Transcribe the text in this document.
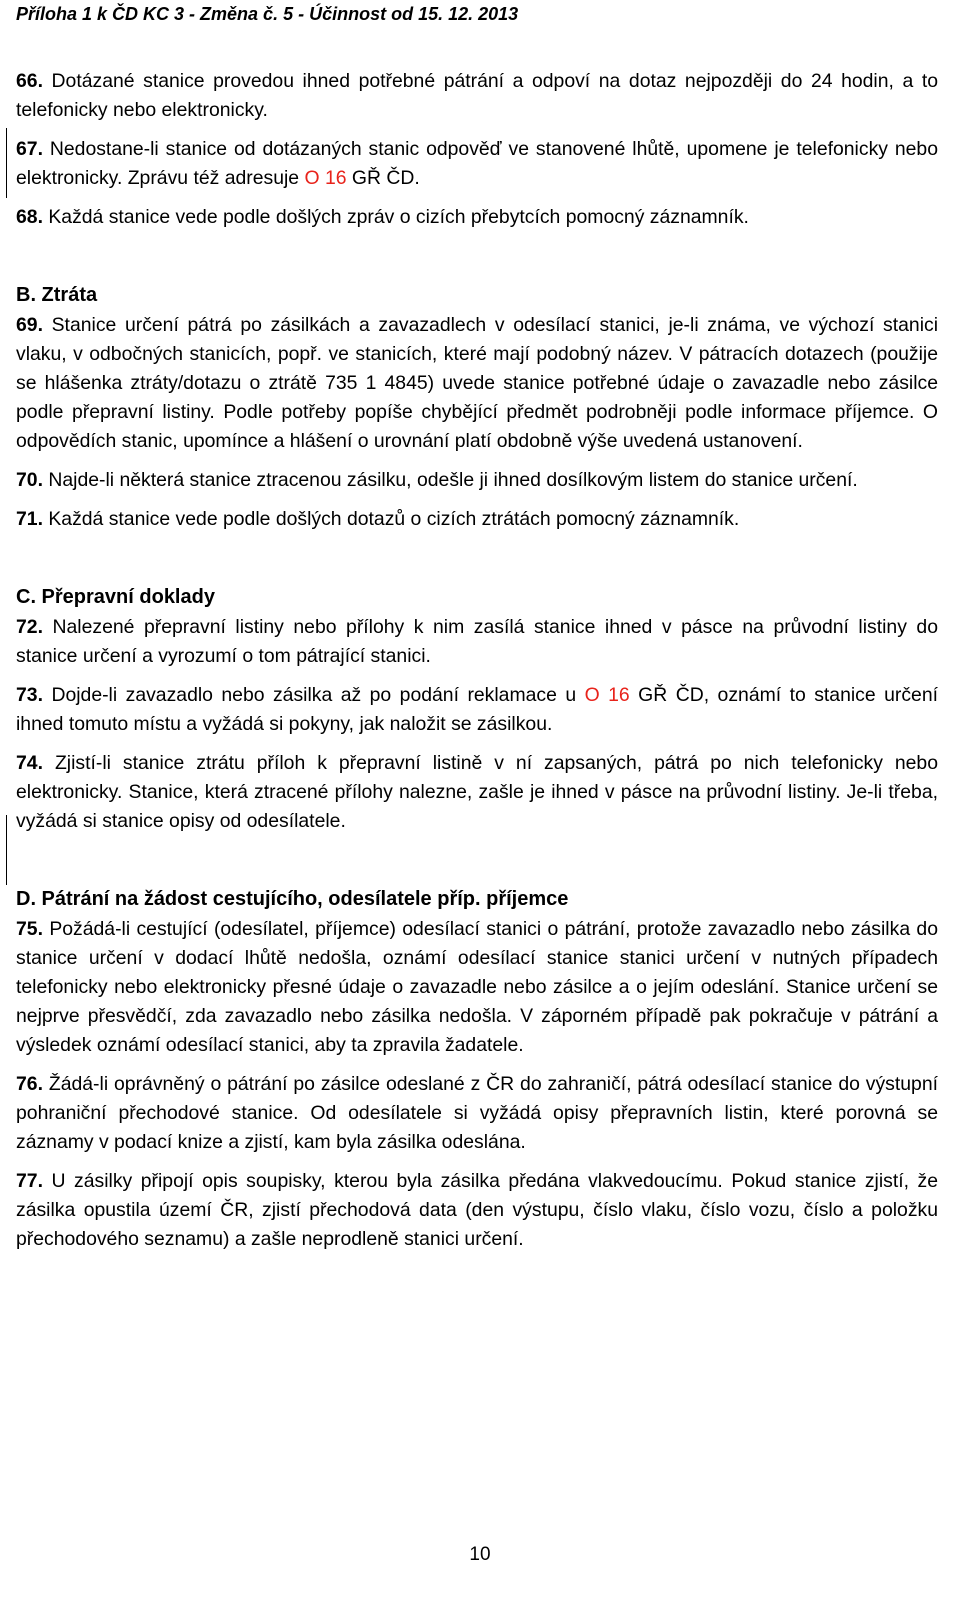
Příloha 1 k ČD KC 3 - Změna č. 5 - Účinnost od 15. 12. 2013

66. Dotázané stanice provedou ihned potřebné pátrání a odpoví na dotaz nejpozději do 24 hodin, a to telefonicky nebo elektronicky.

67. Nedostane-li stanice od dotázaných stanic odpověď ve stanovené lhůtě, upomene je telefonicky nebo elektronicky. Zprávu též adresuje O 16 GŘ ČD.

68. Každá stanice vede podle došlých zpráv o cizích přebytcích pomocný záznamník.

B. Ztráta

69. Stanice určení pátrá po zásilkách a zavazadlech v odesílací stanici, je-li známa, ve výchozí stanici vlaku, v odbočných stanicích, popř. ve stanicích, které mají podobný název. V pátracích dotazech (použije se hlášenka ztráty/dotazu o ztrátě 735 1 4845) uvede stanice potřebné údaje o zavazadle nebo zásilce podle přepravní listiny. Podle potřeby popíše chybějící předmět podrobněji podle informace příjemce. O odpovědích stanic, upomínce a hlášení o urovnání platí obdobně výše uvedená ustanovení.

70. Najde-li některá stanice ztracenou zásilku, odešle ji ihned dosílkovým listem do stanice určení.

71. Každá stanice vede podle došlých dotazů o cizích ztrátách pomocný záznamník.

C. Přepravní doklady

72. Nalezené přepravní listiny nebo přílohy k nim zasílá stanice ihned v pásce na průvodní listiny do stanice určení a vyrozumí o tom pátrající stanici.

73. Dojde-li zavazadlo nebo zásilka až po podání reklamace u O 16 GŘ ČD, oznámí to stanice určení ihned tomuto místu a vyžádá si pokyny, jak naložit se zásilkou.

74. Zjistí-li stanice ztrátu příloh k přepravní listině v ní zapsaných, pátrá po nich telefonicky nebo elektronicky. Stanice, která ztracené přílohy nalezne, zašle je ihned v pásce na průvodní listiny. Je-li třeba, vyžádá si stanice opisy od odesílatele.

D. Pátrání na žádost cestujícího, odesílatele příp. příjemce

75. Požádá-li cestující (odesílatel, příjemce) odesílací stanici o pátrání, protože zavazadlo nebo zásilka do stanice určení v dodací lhůtě nedošla, oznámí odesílací stanice stanici určení v nutných případech telefonicky nebo elektronicky přesné údaje o zavazadle nebo zásilce a o jejím odeslání. Stanice určení se nejprve přesvědčí, zda zavazadlo nebo zásilka nedošla. V záporném případě pak pokračuje v pátrání a výsledek oznámí odesílací stanici, aby ta zpravila žadatele.

76. Žádá-li oprávněný o pátrání po zásilce odeslané z ČR do zahraničí, pátrá odesílací stanice do výstupní pohraniční přechodové stanice. Od odesílatele si vyžádá opisy přepravních listin, které porovná se záznamy v podací knize a zjistí, kam byla zásilka odeslána.

77. U zásilky připojí opis soupisky, kterou byla zásilka předána vlakvedoucímu. Pokud stanice zjistí, že zásilka opustila území ČR, zjistí přechodová data (den výstupu, číslo vlaku, číslo vozu, číslo a položku přechodového seznamu) a zašle neprodleně stanici určení.

10
